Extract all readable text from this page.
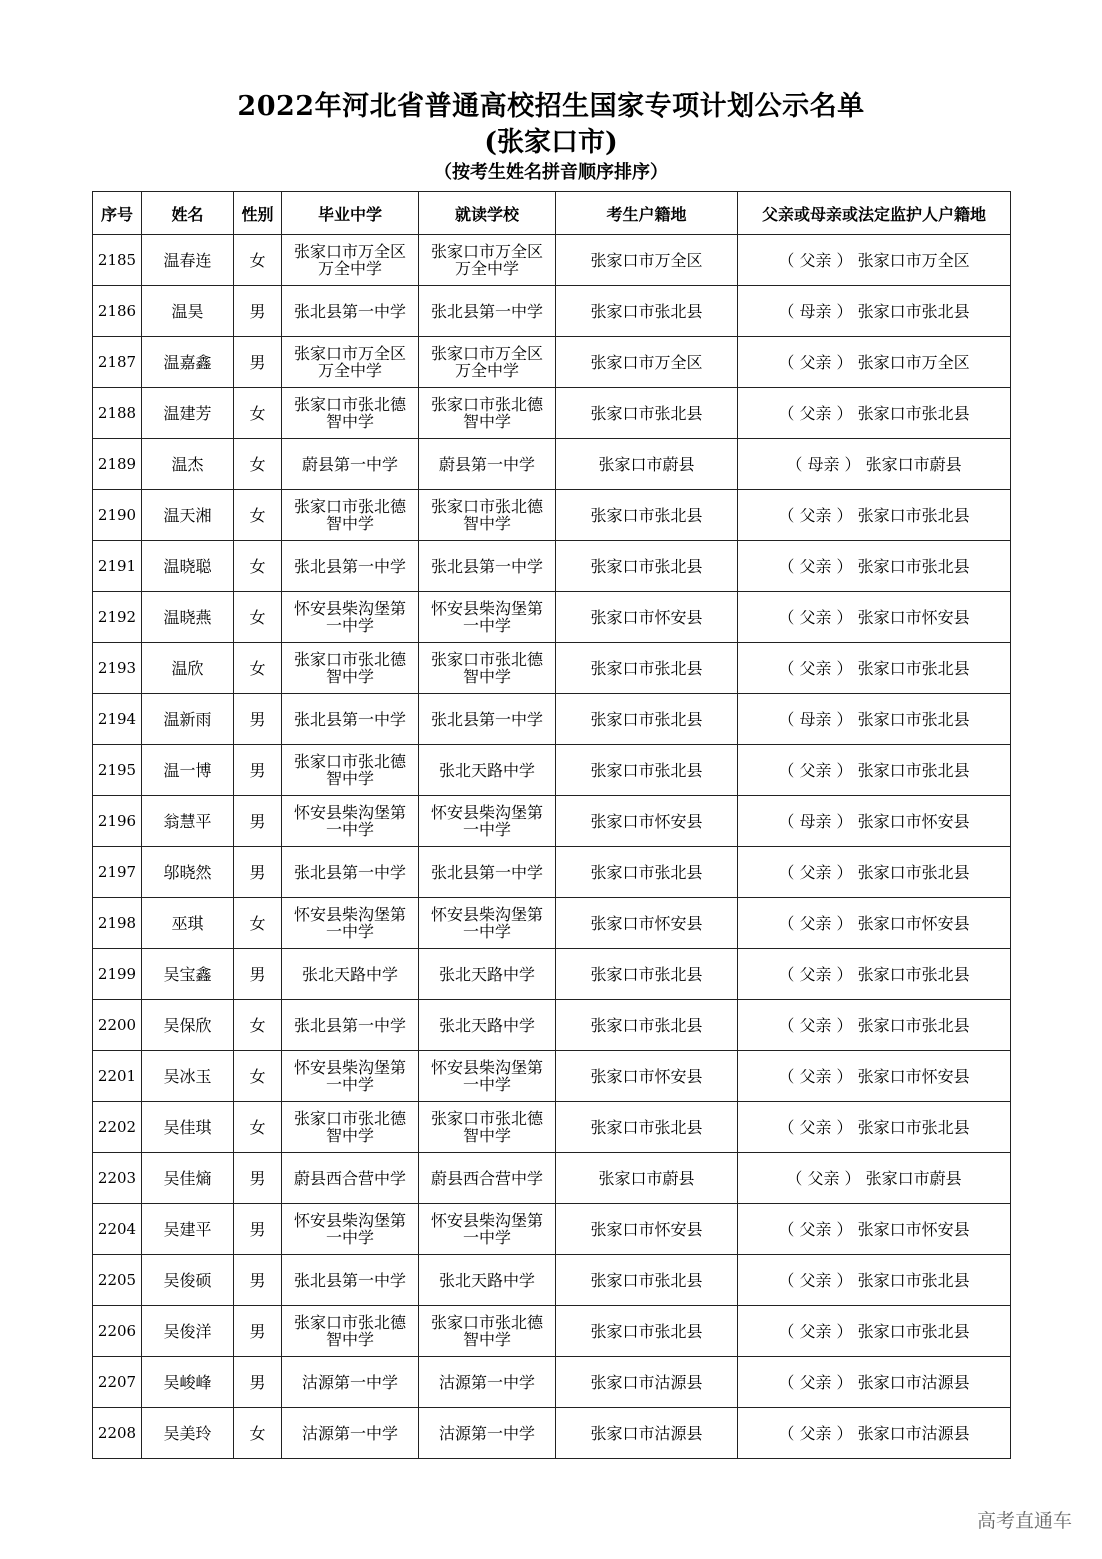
2022年河北省普通高校招生国家专项计划公示名单
(张家口市)
（按考生姓名拼音顺序排序）
序号	姓名	性别	毕业中学	就读学校	考生户籍地	父亲或母亲或法定监护人户籍地
2185	温春连	女	张家口市万全区万全中学	张家口市万全区万全中学	张家口市万全区	（ 父亲 ） 张家口市万全区
2186	温昊	男	张北县第一中学	张北县第一中学	张家口市张北县	（ 母亲 ） 张家口市张北县
2187	温嘉鑫	男	张家口市万全区万全中学	张家口市万全区万全中学	张家口市万全区	（ 父亲 ） 张家口市万全区
2188	温建芳	女	张家口市张北德智中学	张家口市张北德智中学	张家口市张北县	（ 父亲 ） 张家口市张北县
2189	温杰	女	蔚县第一中学	蔚县第一中学	张家口市蔚县	（ 母亲 ） 张家口市蔚县
2190	温天湘	女	张家口市张北德智中学	张家口市张北德智中学	张家口市张北县	（ 父亲 ） 张家口市张北县
2191	温晓聪	女	张北县第一中学	张北县第一中学	张家口市张北县	（ 父亲 ） 张家口市张北县
2192	温晓燕	女	怀安县柴沟堡第一中学	怀安县柴沟堡第一中学	张家口市怀安县	（ 父亲 ） 张家口市怀安县
2193	温欣	女	张家口市张北德智中学	张家口市张北德智中学	张家口市张北县	（ 父亲 ） 张家口市张北县
2194	温新雨	男	张北县第一中学	张北县第一中学	张家口市张北县	（ 母亲 ） 张家口市张北县
2195	温一博	男	张家口市张北德智中学	张北天路中学	张家口市张北县	（ 父亲 ） 张家口市张北县
2196	翁慧平	男	怀安县柴沟堡第一中学	怀安县柴沟堡第一中学	张家口市怀安县	（ 母亲 ） 张家口市怀安县
2197	邬晓然	男	张北县第一中学	张北县第一中学	张家口市张北县	（ 父亲 ） 张家口市张北县
2198	巫琪	女	怀安县柴沟堡第一中学	怀安县柴沟堡第一中学	张家口市怀安县	（ 父亲 ） 张家口市怀安县
2199	吴宝鑫	男	张北天路中学	张北天路中学	张家口市张北县	（ 父亲 ） 张家口市张北县
2200	吴保欣	女	张北县第一中学	张北天路中学	张家口市张北县	（ 父亲 ） 张家口市张北县
2201	吴冰玉	女	怀安县柴沟堡第一中学	怀安县柴沟堡第一中学	张家口市怀安县	（ 父亲 ） 张家口市怀安县
2202	吴佳琪	女	张家口市张北德智中学	张家口市张北德智中学	张家口市张北县	（ 父亲 ） 张家口市张北县
2203	吴佳熵	男	蔚县西合营中学	蔚县西合营中学	张家口市蔚县	（ 父亲 ） 张家口市蔚县
2204	吴建平	男	怀安县柴沟堡第一中学	怀安县柴沟堡第一中学	张家口市怀安县	（ 父亲 ） 张家口市怀安县
2205	吴俊硕	男	张北县第一中学	张北天路中学	张家口市张北县	（ 父亲 ） 张家口市张北县
2206	吴俊洋	男	张家口市张北德智中学	张家口市张北德智中学	张家口市张北县	（ 父亲 ） 张家口市张北县
2207	吴峻峰	男	沽源第一中学	沽源第一中学	张家口市沽源县	（ 父亲 ） 张家口市沽源县
2208	吴美玲	女	沽源第一中学	沽源第一中学	张家口市沽源县	（ 父亲 ） 张家口市沽源县
高考直通车
